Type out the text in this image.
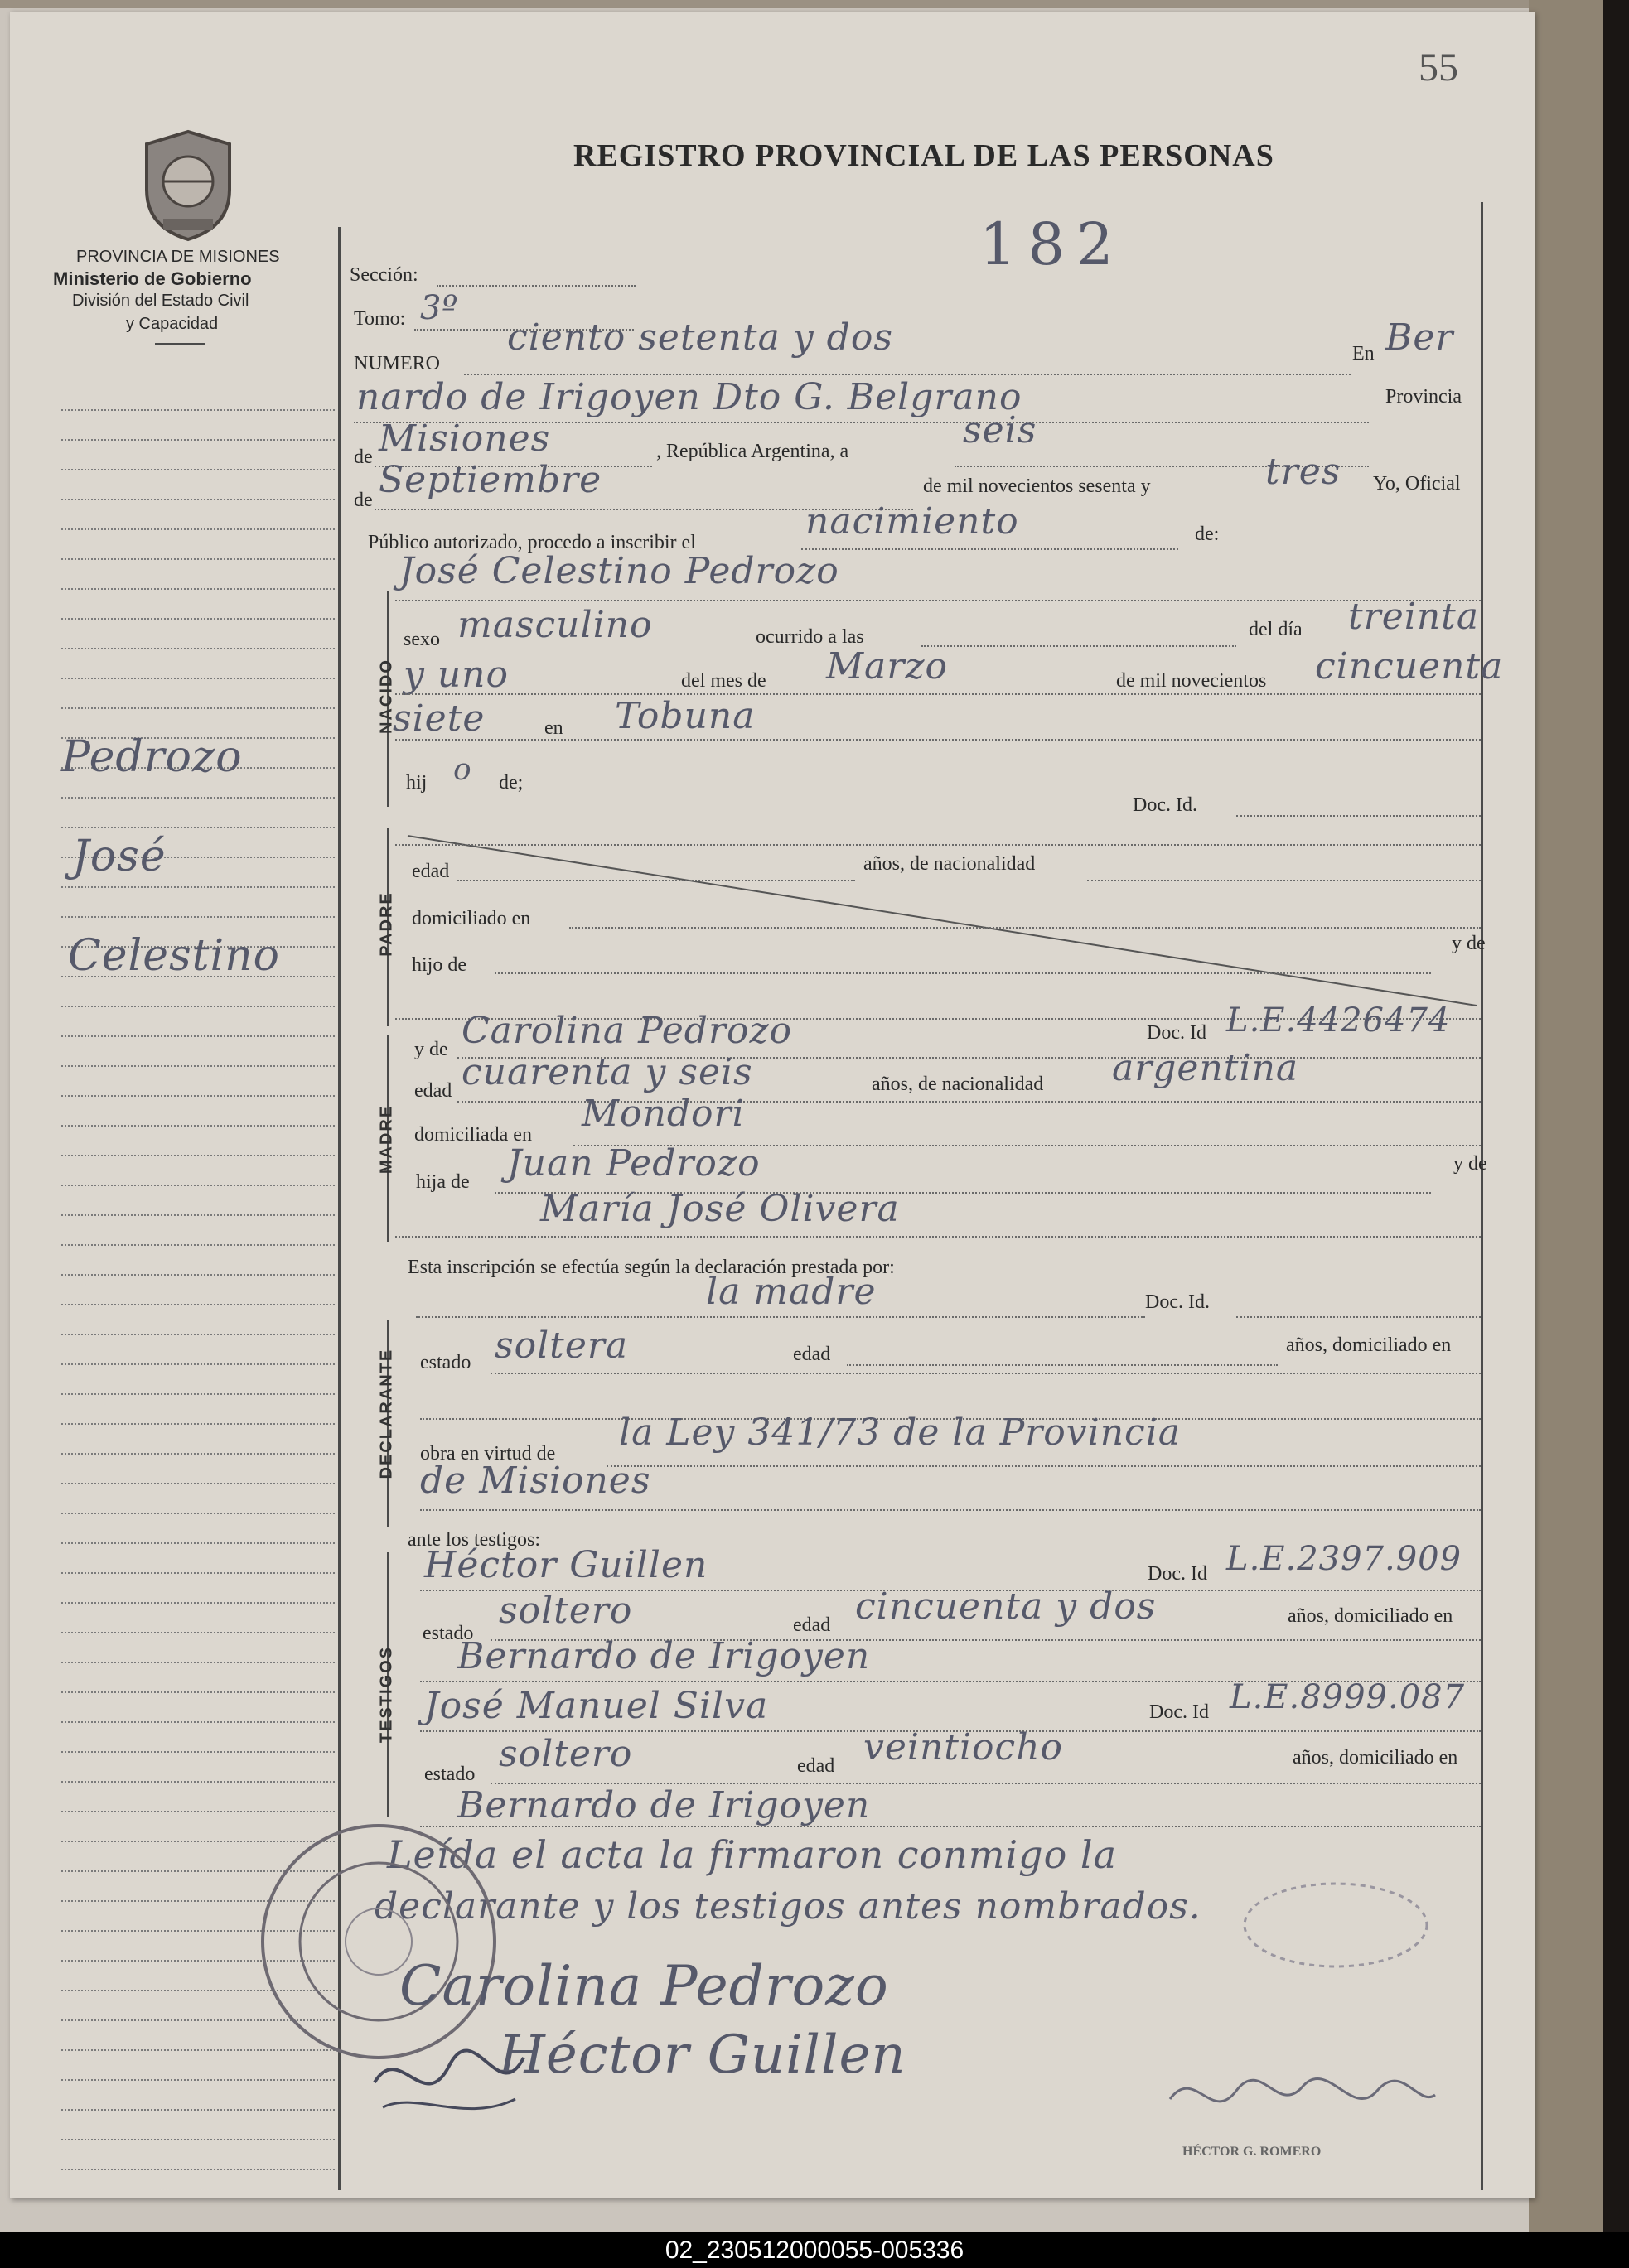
55
REGISTRO PROVINCIAL DE LAS PERSONAS
PROVINCIA DE MISIONES
Ministerio de Gobierno
División del Estado Civil
y Capacidad
Pedrozo
José
Celestino
182
Sección:
Tomo: 3º
NUMERO
ciento setenta y dos	En Ber
nardo de Irigoyen Dto G. Belgrano	Provincia
de Misiones	, República Argentina, a	seis
de Septiembre	de mil novecientos sesenta y	tres Yo, Oficial
Público autorizado, procedo a inscribir el	nacimiento	de:
NACIDO
José Celestino Pedrozo
sexo masculino	ocurrido a las	del día treinta
y uno	del mes de Marzo	de mil novecientos cincuenta
siete	en Tobuna
hij o de;
Doc. Id.
PADRE
edad	años, de nacionalidad
domiciliado en
hijo de
y de
MADRE
y de Carolina Pedrozo	Doc. Id L.E.4426474
edad cuarenta y seis	años, de nacionalidad argentina
domiciliada en Mondori
hija de Juan Pedrozo	y de
María José Olivera
Esta inscripción se efectúa según la declaración prestada por:
la madre	Doc. Id.
DECLARANTE estado soltera	edad	años, domiciliado en
obra en virtud de la Ley 341/73 de la Provincia
de Misiones
ante los testigos:
TESTIGOS
Héctor Guillen	Doc. Id L.E.2397.909
estado
soltero	edad cincuenta y dos	años, domiciliado en
Bernardo de Irigoyen
José Manuel Silva	Doc. Id L.E.8999.087
estado soltero	edad veintiocho	años, domiciliado en
Bernardo de Irigoyen
Leída el acta la firmaron conmigo la
declarante y los testigos antes nombrados.
Carolina Pedrozo
Héctor Guillen
HÉCTOR G. ROMERO
02_230512000055-005336
